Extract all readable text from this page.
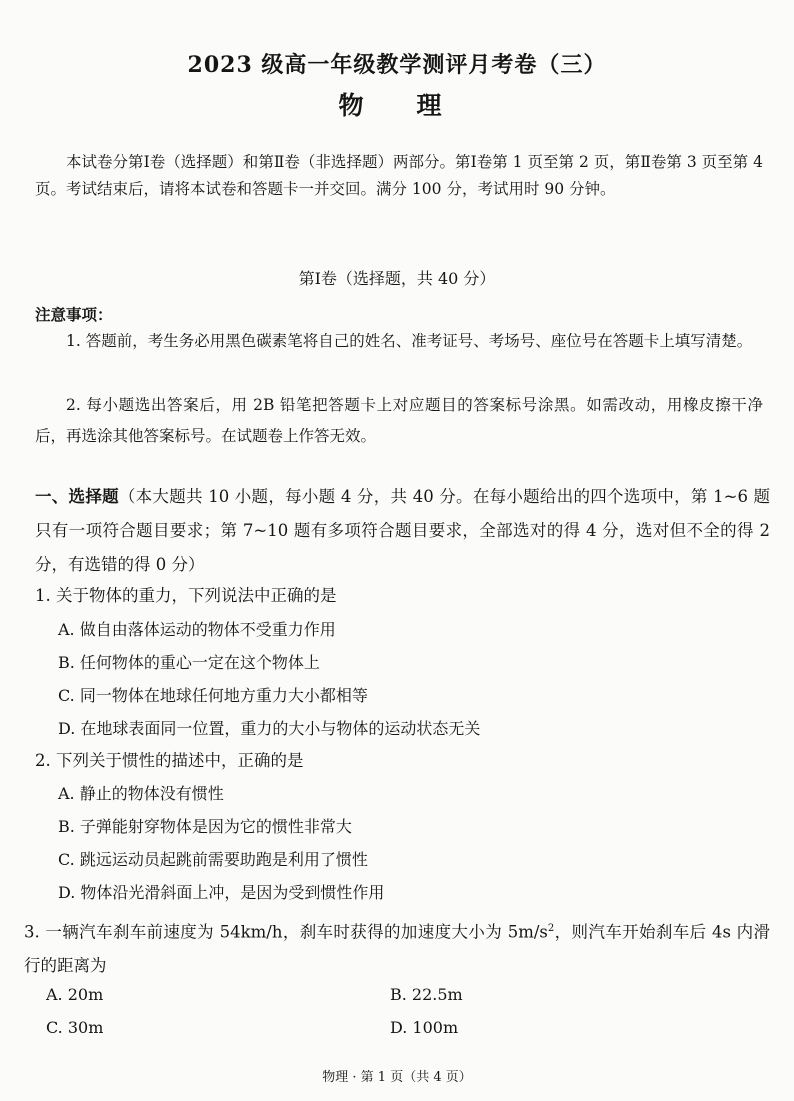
2023 级高一年级教学测评月考卷（三）
物　理
本试卷分第Ⅰ卷（选择题）和第Ⅱ卷（非选择题）两部分。第Ⅰ卷第 1 页至第 2 页，第Ⅱ卷第 3 页至第 4 页。考试结束后，请将本试卷和答题卡一并交回。满分 100 分，考试用时 90 分钟。
第Ⅰ卷（选择题，共 40 分）
注意事项：
1. 答题前，考生务必用黑色碳素笔将自己的姓名、准考证号、考场号、座位号在答题卡上填写清楚。
2. 每小题选出答案后，用 2B 铅笔把答题卡上对应题目的答案标号涂黑。如需改动，用橡皮擦干净后，再选涂其他答案标号。在试题卷上作答无效。
一、选择题（本大题共 10 小题，每小题 4 分，共 40 分。在每小题给出的四个选项中，第 1~6 题只有一项符合题目要求；第 7~10 题有多项符合题目要求，全部选对的得 4 分，选对但不全的得 2 分，有选错的得 0 分）
1. 关于物体的重力，下列说法中正确的是
A. 做自由落体运动的物体不受重力作用
B. 任何物体的重心一定在这个物体上
C. 同一物体在地球任何地方重力大小都相等
D. 在地球表面同一位置，重力的大小与物体的运动状态无关
2. 下列关于惯性的描述中，正确的是
A. 静止的物体没有惯性
B. 子弹能射穿物体是因为它的惯性非常大
C. 跳远运动员起跳前需要助跑是利用了惯性
D. 物体沿光滑斜面上冲，是因为受到惯性作用
3. 一辆汽车刹车前速度为 54km/h，刹车时获得的加速度大小为 $5m/s^2$，则汽车开始刹车后 4s 内滑行的距离为
A. 20m	B. 22.5m
C. 30m	D. 100m
物理 · 第 1 页（共 4 页）
